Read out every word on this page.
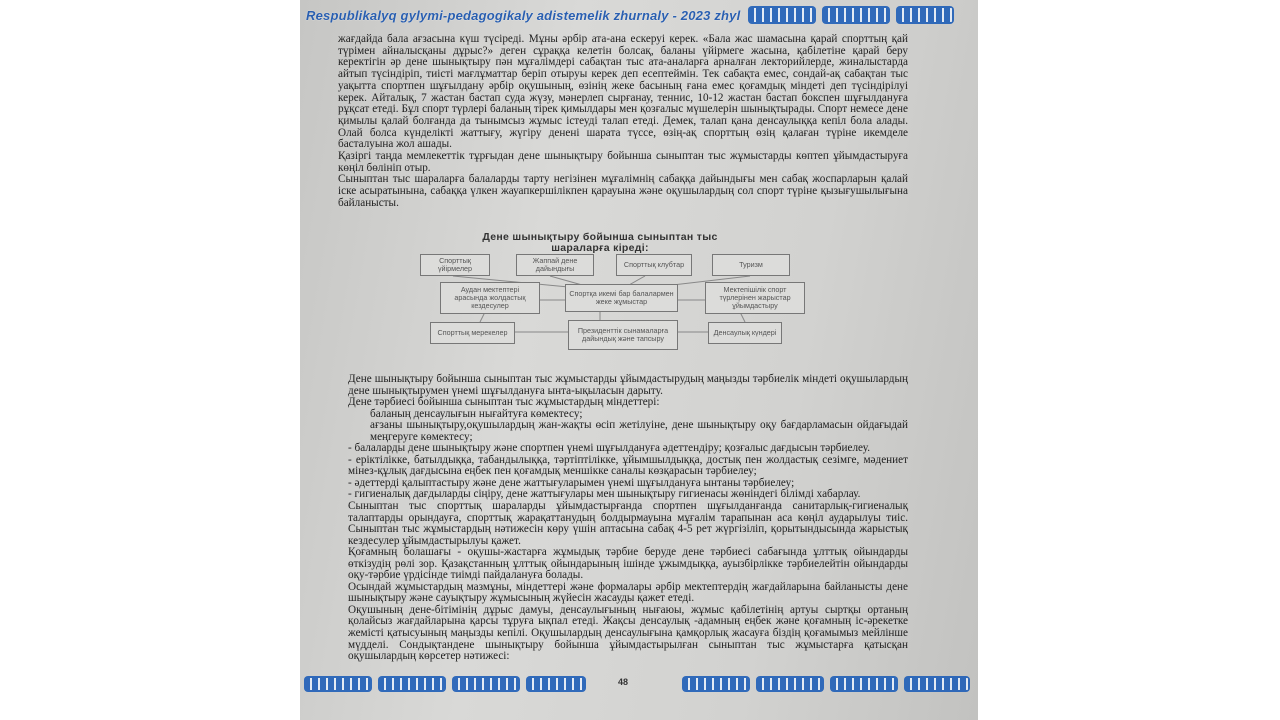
Respublikalyq gylymi-pedagogikaly adistemelik zhurnaly - 2023 zhyl

жағдайда бала ағзасына күш түсіреді. Мұны әрбір ата-ана ескеруі керек. «Бала жас шамасына қарай спорттың қай түрімен айналысқаны дұрыс?» деген сұраққа келетін болсақ, баланы үйірмеге жасына, қабілетіне қарай беру керектігін әр дене шынықтыру пән мұғалімдері сабақтан тыс ата-аналарға арналған лекторийлерде, жиналыстарда айтып түсіндіріп, тиісті мағлұматтар беріп отыруы керек деп есептеймін. Тек сабақта емес, сондай-ақ сабақтан тыс уақытта спортпен шұғылдану әрбір оқушының, өзінің жеке басының ғана емес қоғамдық міндеті деп түсіндірілуі керек. Айталық, 7 жастан бастап суда жүзу, мәнерлеп сырғанау, теннис, 10-12 жастан бастап бокспен шұғылдануға рұқсат етеді. Бұл спорт түрлері баланың тірек қимылдары мен қозғалыс мүшелерін шынықтырады. Спорт немесе дене қимылы қалай болғанда да тынымсыз жұмыс істеуді талап етеді. Демек, талап қана денсаулыққа кепіл бола алады. Олай болса күнделікті жаттығу, жүгіру денені шарата түссе, өзің-ақ спорттың өзің қалаған түріне икемделе басталуына жол ашады.

Қазіргі таңда мемлекеттік тұрғыдан дене шынықтыру бойынша сыныптан тыс жұмыстарды көптеп ұйымдастыруға көңіл бөлініп отыр.

Сыныптан тыс шараларға балаларды тарту негізінен мұғалімнің сабаққа дайындығы мен сабақ жоспарларын қалай іске асыратынына, сабаққа үлкен жауапкершілікпен қарауына және оқушылардың сол спорт түріне қызығушылығына байланысты.

Дене шынықтыру бойынша сыныптан тыс
шараларға кіреді:
Спорттық үйірмелер
Жаппай дене дайындығы	Спорттық клубтар	Туризм
Аудан мектептері арасында жолдастық кездесулер
Спортқа икемі бар балалармен жеке жұмыстар
Мектепішілік спорт түрлерінен жарыстар ұйымдастыру
Спорттық мерекелер	Президенттік сынамаларға дайындық және тапсыру
Денсаулық күндері

Дене шынықтыру бойынша сыныптан тыс жұмыстарды ұйымдастырудың маңызды тәрбиелік міндеті оқушылардың дене шынықтырумен үнемі шұғылдануға ынта-ықыласын дарыту.

Дене тәрбиесі бойынша сыныптан тыс жұмыстардың міндеттері:

баланың денсаулығын нығайтуға көмектесу;

ағзаны шынықтыру,оқушылардың жан-жақты өсіп жетілуіне, дене шынықтыру оқу бағдарламасын ойдағыдай меңгеруге көмектесу;

- балаларды дене шынықтыру және спортпен үнемі шұғылдануға әдеттендіру; қозғалыс дағдысын тәрбиелеу.

- ерiктiлiкке, батылдыққа, табандылыққа, тәртiптiлiкке, ұйымшылдыққа, достық пен жолдастық сезiмге, мәдениет мiнез-құлық дағдысына еңбек пен қоғамдық меншiкке саналы көзқарасын тәрбиелеу;

- әдеттердi қалыптастыру және дене жаттығуларымен үнемi шұғылдануға ынтаны тәрбиелеу;

- гигиеналық дағдыларды сiңiру, дене жаттығулары мен шынықтыру гигиенасы жөнiндегi бiлiмдi хабарлау.

Сыныптан тыс спорттық шараларды ұйымдастырғанда спортпен шұғылданғанда санитарлық-гигиеналық талаптарды орындауға, спорттық жарақаттанудың болдырмауына мұғалім тарапынан аса көңіл аударылуы тиіс. Сыныптан тыс жұмыстардың нәтижесін көру үшін аптасына сабақ 4-5 рет жүргізіліп, қорытындысында жарыстық кездесулер ұйымдастырылуы қажет.

Қоғамның болашағы - оқушы-жастарға жұмыдық тәрбие беруде дене тәрбиесі сабағында ұлттық ойындарды өткізудің рөлі зор. Қазақстанның ұлттық ойындарының ішінде ұжымдыққа, ауызбірлікке тәрбиелейтін ойындарды оқу-тәрбие үрдісінде тиімді пайдалануға болады.

Осындай жұмыстардың мазмұны, міндеттері және формалары әрбір мектептердің жағдайларына байланысты дене шынықтыру және сауықтыру жұмысының жүйесін жасауды қажет етеді.

Оқушының дене-бітімінің дұрыс дамуы, денсаулығының нығаюы, жұмыс қабілетінің артуы сыртқы ортаның қолайсыз жағдайларына қарсы тұруға ықпал етеді. Жақсы денсаулық -адамның еңбек және қоғамның іс-әрекетке жемісті қатысуының маңызды кепілі. Оқушылардың денсаулығына қамқорлық жасауға біздің қоғамымыз мейлінше мүдделі. Сондықтандене шынықтыру бойынша ұйымдастырылған сыныптан тыс жұмыстарға қатысқан оқушылардың көрсетер нәтижесі:

48
